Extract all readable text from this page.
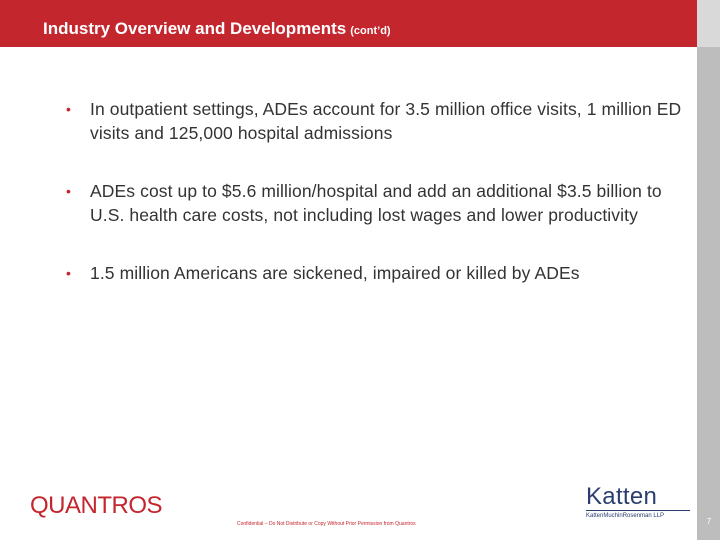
Industry Overview and Developments (cont’d)
• In outpatient settings, ADEs account for 3.5 million office visits, 1 million ED visits and 125,000 hospital admissions
• ADEs cost up to $5.6 million/hospital and add an additional $3.5 billion to U.S. health care costs, not including lost wages and lower productivity
• 1.5 million Americans are sickened, impaired or killed by ADEs
QUANTROS
Confidential – Do Not Distribute or Copy Without Prior Permission from Quantros
Katten
KattenMuchinRosenman LLP
7
